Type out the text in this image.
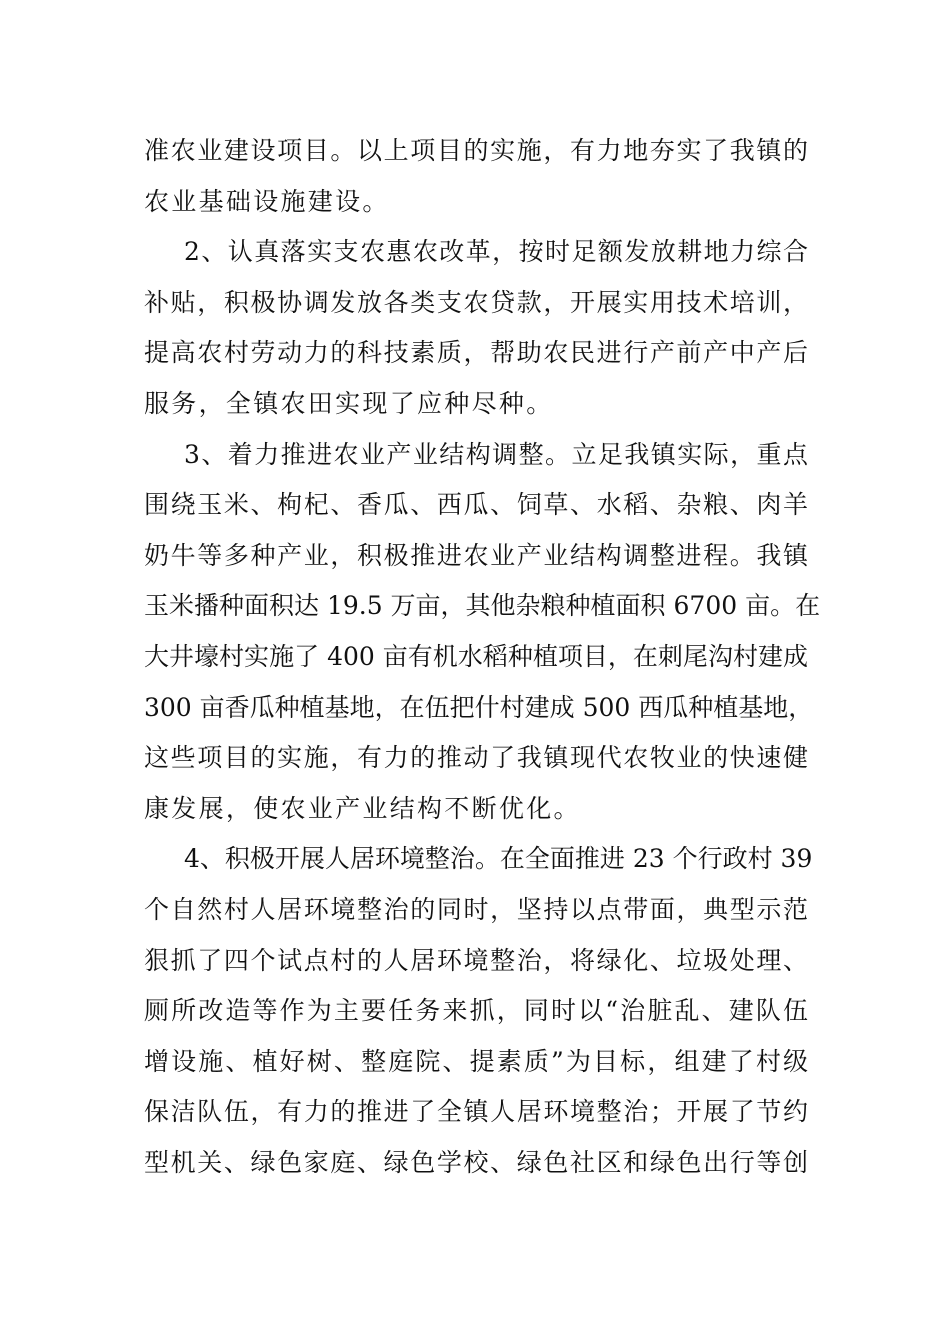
准农业建设项目。以上项目的实施，有力地夯实了我镇的
农业基础设施建设。
2、认真落实支农惠农改革，按时足额发放耕地力综合
补贴，积极协调发放各类支农贷款，开展实用技术培训，
提高农村劳动力的科技素质，帮助农民进行产前产中产后
服务，全镇农田实现了应种尽种。
3、着力推进农业产业结构调整。立足我镇实际，重点
围绕玉米、枸杞、香瓜、西瓜、饲草、水稻、杂粮、肉羊
奶牛等多种产业，积极推进农业产业结构调整进程。我镇
玉米播种面积达 19.5 万亩，其他杂粮种植面积 6700 亩。在
大井壕村实施了 400 亩有机水稻种植项目，在刺尾沟村建成
300 亩香瓜种植基地，在伍把什村建成 500 西瓜种植基地，
这些项目的实施，有力的推动了我镇现代农牧业的快速健
康发展，使农业产业结构不断优化。
4、积极开展人居环境整治。在全面推进 23 个行政村 39
个自然村人居环境整治的同时，坚持以点带面，典型示范
狠抓了四个试点村的人居环境整治，将绿化、垃圾处理、
厕所改造等作为主要任务来抓，同时以“治脏乱、建队伍
增设施、植好树、整庭院、提素质”为目标，组建了村级
保洁队伍，有力的推进了全镇人居环境整治；开展了节约
型机关、绿色家庭、绿色学校、绿色社区和绿色出行等创
